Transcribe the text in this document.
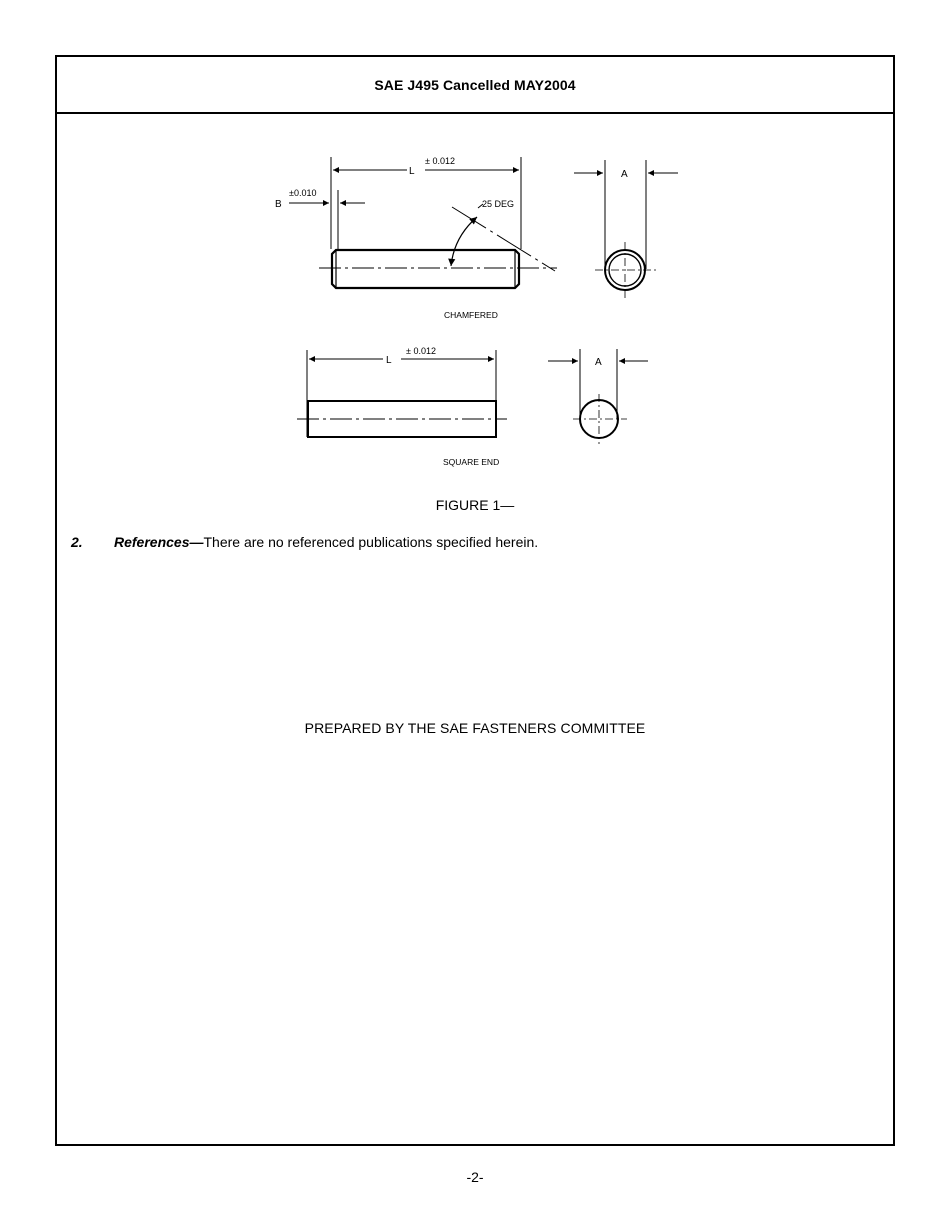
SAE J495 Cancelled MAY2004
L
± 0.012
B
±0.010
25 DEG
CHAMFERED
A
L
± 0.012
SQUARE END
A
FIGURE 1—
2. References—There are no referenced publications specified herein.
PREPARED BY THE SAE FASTENERS COMMITTEE
-2-
